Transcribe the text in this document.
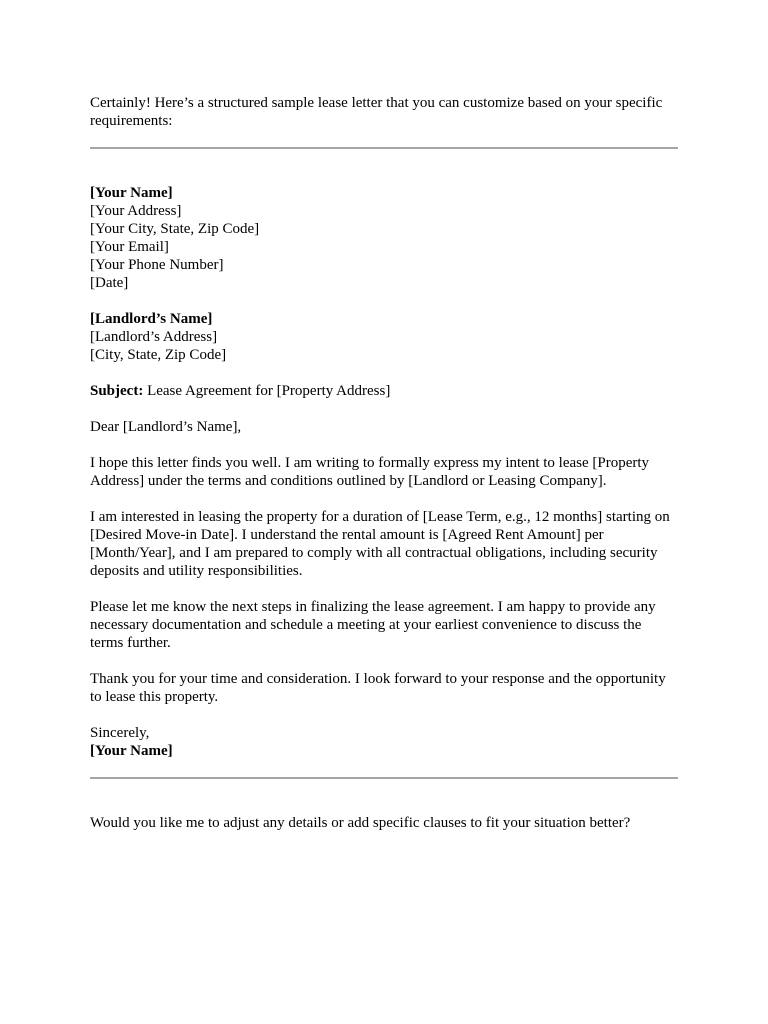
Certainly! Here’s a structured sample lease letter that you can customize based on your specific requirements:

[Your Name]
[Your Address]
[Your City, State, Zip Code]
[Your Email]
[Your Phone Number]
[Date]
[Landlord’s Name]
[Landlord’s Address]
[City, State, Zip Code]

Subject: Lease Agreement for [Property Address]

Dear [Landlord’s Name],

I hope this letter finds you well. I am writing to formally express my intent to lease [Property
Address] under the terms and conditions outlined by [Landlord or Leasing Company].
I am interested in leasing the property for a duration of [Lease Term, e.g., 12 months] starting on
[Desired Move-in Date]. I understand the rental amount is [Agreed Rent Amount] per
[Month/Year], and I am prepared to comply with all contractual obligations, including security
deposits and utility responsibilities.
Please let me know the next steps in finalizing the lease agreement. I am happy to provide any
necessary documentation and schedule a meeting at your earliest convenience to discuss the
terms further.
Thank you for your time and consideration. I look forward to your response and the opportunity
to lease this property.
Sincerely,
[Your Name]

Would you like me to adjust any details or add specific clauses to fit your situation better?
